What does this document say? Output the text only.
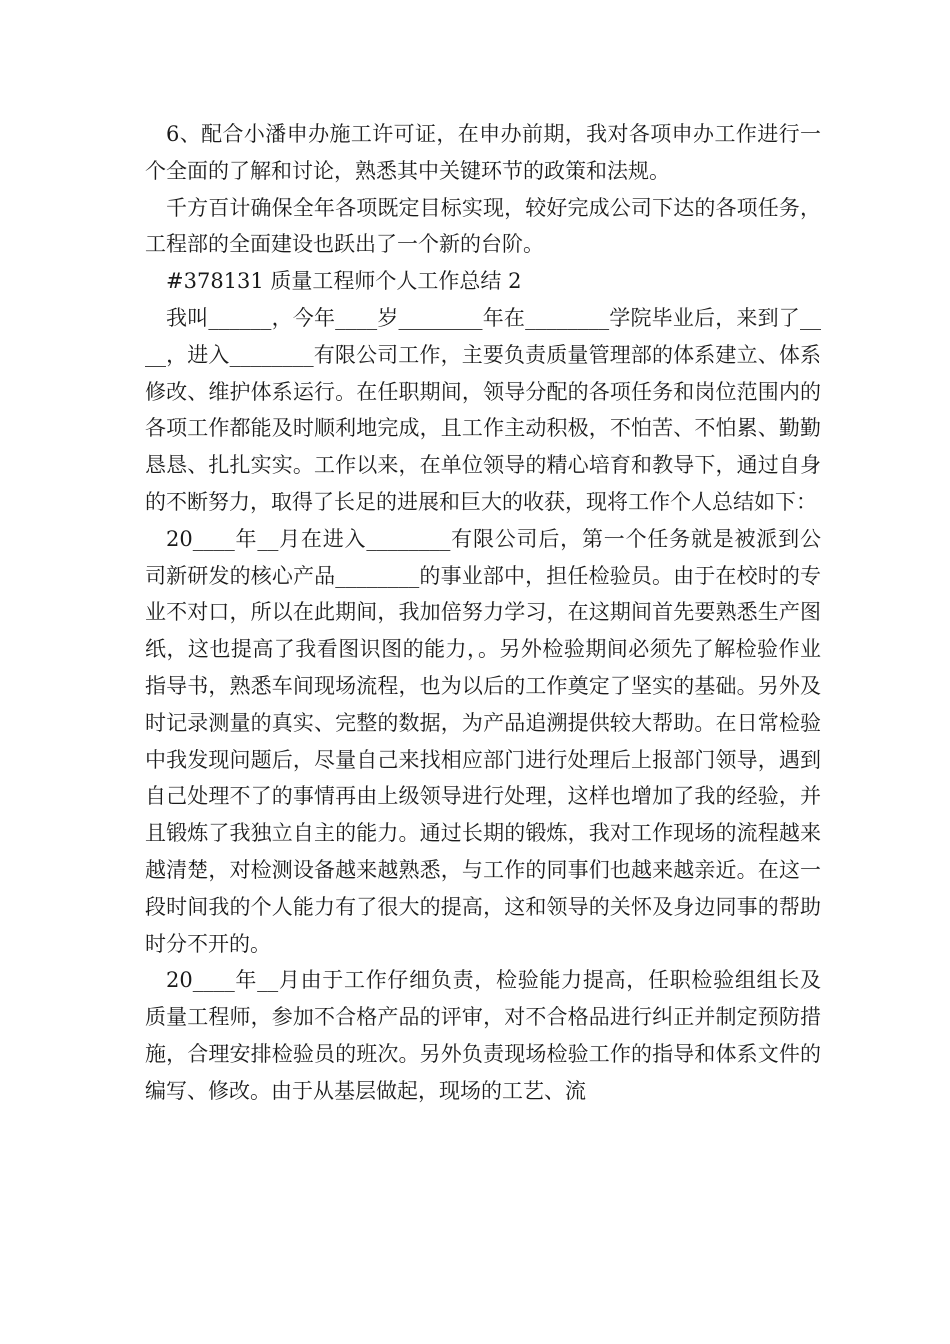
6、配合小潘申办施工许可证，在申办前期，我对各项申办工作进行一个全面的了解和讨论，熟悉其中关键环节的政策和法规。

千方百计确保全年各项既定目标实现，较好完成公司下达的各项任务，工程部的全面建设也跃出了一个新的台阶。

#378131 质量工程师个人工作总结 2

我叫______，今年____岁________年在________学院毕业后，来到了____，进入________有限公司工作，主要负责质量管理部的体系建立、体系修改、维护体系运行。在任职期间，领导分配的各项任务和岗位范围内的各项工作都能及时顺利地完成，且工作主动积极，不怕苦、不怕累、勤勤恳恳、扎扎实实。工作以来，在单位领导的精心培育和教导下，通过自身的不断努力，取得了长足的进展和巨大的收获，现将工作个人总结如下：

20____年__月在进入________有限公司后，第一个任务就是被派到公司新研发的核心产品________的事业部中，担任检验员。由于在校时的专业不对口，所以在此期间，我加倍努力学习，在这期间首先要熟悉生产图纸，这也提高了我看图识图的能力，。另外检验期间必须先了解检验作业指导书，熟悉车间现场流程，也为以后的工作奠定了坚实的基础。另外及时记录测量的真实、完整的数据，为产品追溯提供较大帮助。在日常检验中我发现问题后，尽量自己来找相应部门进行处理后上报部门领导，遇到自己处理不了的事情再由上级领导进行处理，这样也增加了我的经验，并且锻炼了我独立自主的能力。通过长期的锻炼，我对工作现场的流程越来越清楚，对检测设备越来越熟悉，与工作的同事们也越来越亲近。在这一段时间我的个人能力有了很大的提高，这和领导的关怀及身边同事的帮助时分不开的。

20____年__月由于工作仔细负责，检验能力提高，任职检验组组长及质量工程师，参加不合格产品的评审，对不合格品进行纠正并制定预防措施，合理安排检验员的班次。另外负责现场检验工作的指导和体系文件的编写、修改。由于从基层做起，现场的工艺、流
